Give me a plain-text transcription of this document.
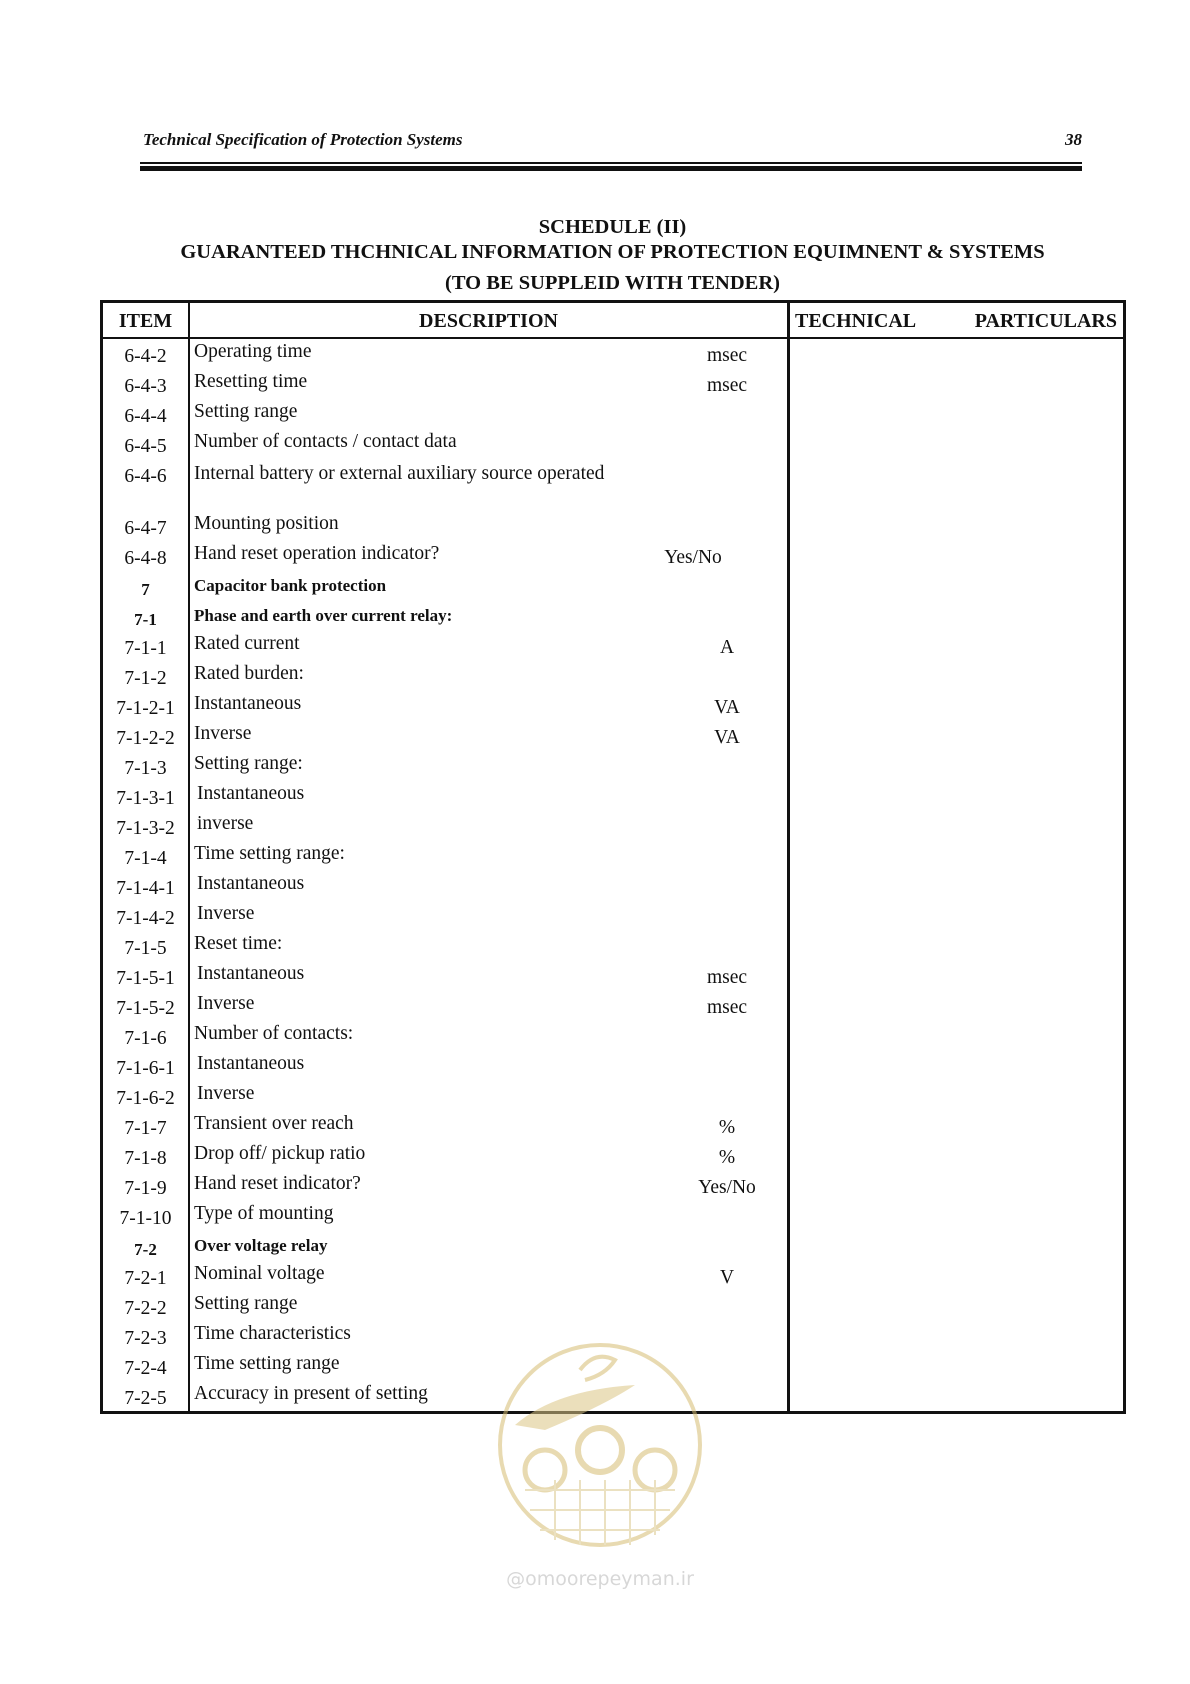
Technical Specification of Protection Systems	38
SCHEDULE (II)
GUARANTEED THCHNICAL INFORMATION OF PROTECTION EQUIMNENT & SYSTEMS
(TO BE SUPPLEID WITH TENDER)
ITEM	DESCRIPTION	TECHNICAL	PARTICULARS
6-4-2	Operating time	msec
6-4-3	Resetting time	msec
6-4-4	Setting range
6-4-5	Number of contacts / contact data
6-4-6	Internal battery or external auxiliary source operated
6-4-7	Mounting position
6-4-8	Hand reset operation indicator?	Yes/No
7	Capacitor bank protection
7-1	Phase and earth over current relay:
7-1-1	Rated current	A
7-1-2	Rated burden:
7-1-2-1 Instantaneous	VA
7-1-2-2 Inverse	VA
7-1-3	Setting range:
7-1-3-1	Instantaneous
7-1-3-2	inverse
7-1-4	Time setting range:
7-1-4-1	Instantaneous
7-1-4-2	Inverse
7-1-5	Reset time:
7-1-5-1	Instantaneous	msec
7-1-5-2	Inverse	msec
7-1-6	Number of contacts:
7-1-6-1	Instantaneous
7-1-6-2	Inverse
7-1-7	Transient over reach	%
7-1-8	Drop off/ pickup ratio	%
7-1-9	Hand reset indicator?	Yes/No
7-1-10	Type of mounting
7-2	Over voltage relay
7-2-1	Nominal voltage	V
7-2-2	Setting range
7-2-3	Time characteristics
7-2-4	Time setting range
7-2-5	Accuracy in present of setting
@omoorepeyman.ir
